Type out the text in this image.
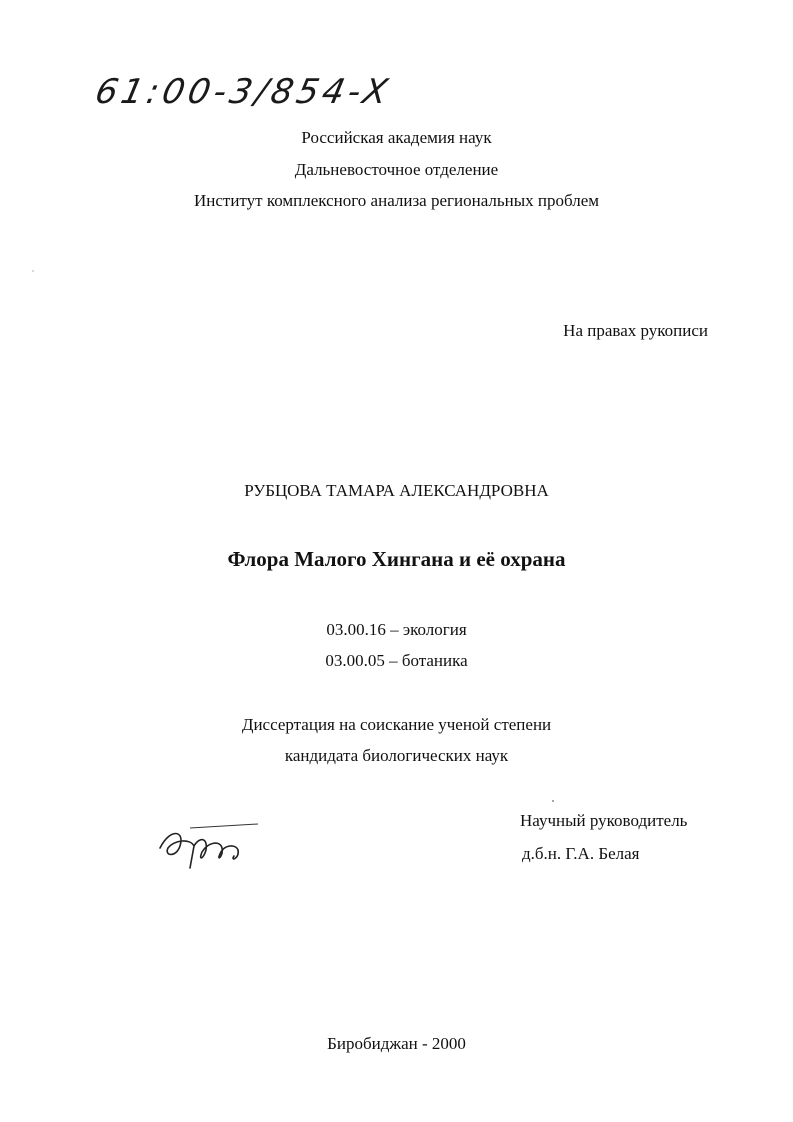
61:00-3/854-X
Российская академия наук
Дальневосточное отделение
Институт комплексного анализа региональных проблем
На правах рукописи
РУБЦОВА ТАМАРА АЛЕКСАНДРОВНА
Флора Малого Хингана и её охрана
03.00.16 – экология
03.00.05 – ботаника
Диссертация на соискание ученой степени
кандидата биологических наук
Научный руководитель
д.б.н. Г.А. Белая
Биробиджан - 2000
